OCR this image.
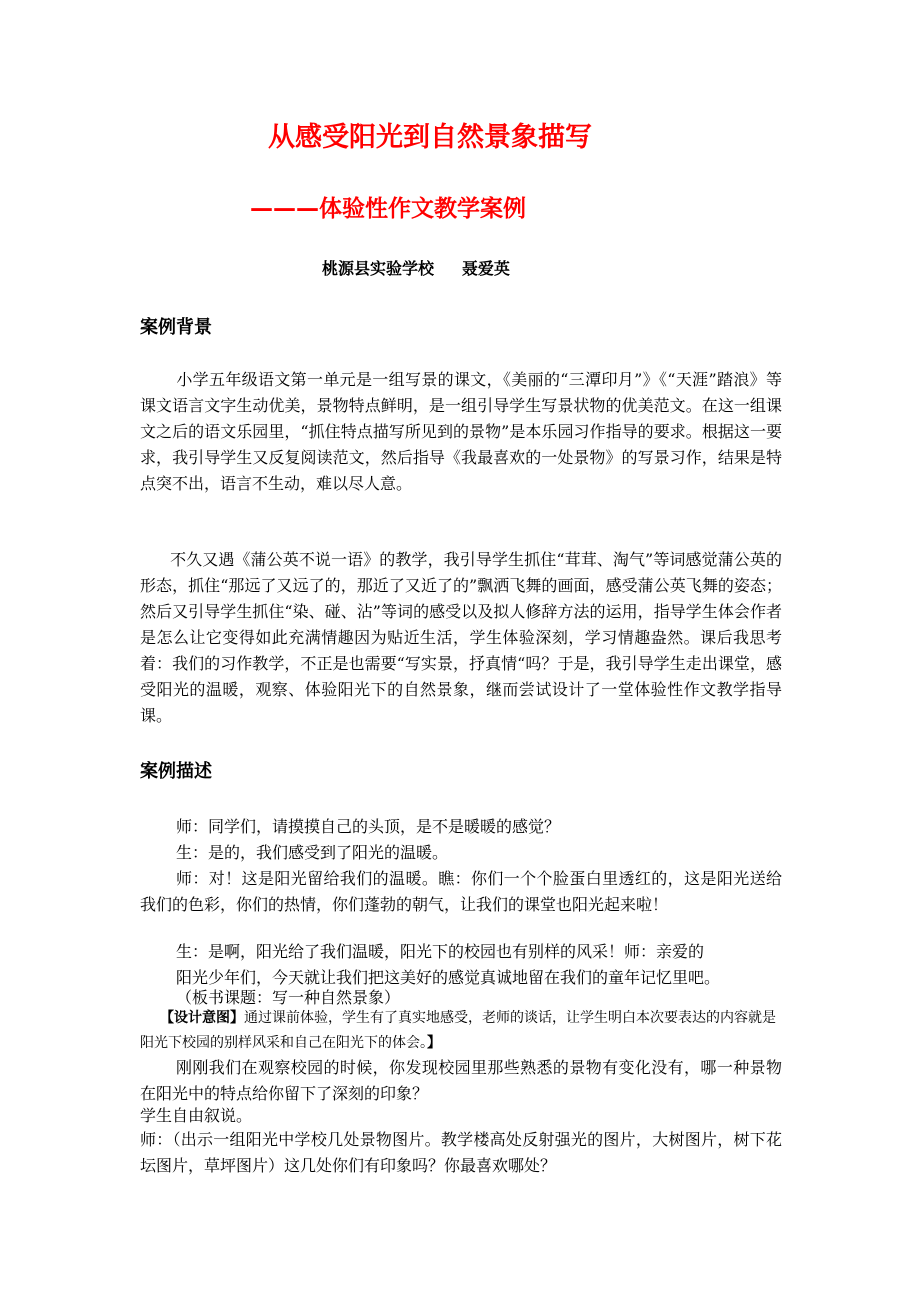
从感受阳光到自然景象描写
———体验性作文教学案例
桃源县实验学校     聂爱英
案例背景
小学五年级语文第一单元是一组写景的课文，《美丽的“三潭印月”》《“天涯”踏浪》等课文语言文字生动优美，景物特点鲜明，是一组引导学生写景状物的优美范文。在这一组课文之后的语文乐园里，“抓住特点描写所见到的景物”是本乐园习作指导的要求。根据这一要求，我引导学生又反复阅读范文，然后指导《我最喜欢的一处景物》的写景习作，结果是特点突不出，语言不生动，难以尽人意。
不久又遇《蒲公英不说一语》的教学，我引导学生抓住“茸茸、淘气”等词感觉蒲公英的形态，抓住“那远了又远了的，那近了又近了的”飘洒飞舞的画面，感受蒲公英飞舞的姿态；然后又引导学生抓住“染、碰、沾”等词的感受以及拟人修辞方法的运用，指导学生体会作者是怎么让它变得如此充满情趣因为贴近生活，学生体验深刻，学习情趣盎然。课后我思考着：我们的习作教学，不正是也需要“写实景，抒真情“吗？于是，我引导学生走出课堂，感受阳光的温暖，观察、体验阳光下的自然景象，继而尝试设计了一堂体验性作文教学指导课。
案例描述
师：同学们，请摸摸自己的头顶，是不是暖暖的感觉？
生：是的，我们感受到了阳光的温暖。
师：对！这是阳光留给我们的温暖。瞧：你们一个个脸蛋白里透红的，这是阳光送给我们的色彩，你们的热情，你们蓬勃的朝气，让我们的课堂也阳光起来啦！
生：是啊，阳光给了我们温暖，阳光下的校园也有别样的风采！师：亲爱的
阳光少年们，今天就让我们把这美好的感觉真诚地留在我们的童年记忆里吧。
（板书课题：写一种自然景象）
【设计意图】通过课前体验，学生有了真实地感受，老师的谈话，让学生明白本次要表达的内容就是阳光下校园的别样风采和自己在阳光下的体会。】
刚刚我们在观察校园的时候，你发现校园里那些熟悉的景物有变化没有，哪一种景物在阳光中的特点给你留下了深刻的印象？
学生自由叙说。
师：（出示一组阳光中学校几处景物图片。教学楼高处反射强光的图片，大树图片，树下花坛图片，草坪图片）这几处你们有印象吗？你最喜欢哪处？
